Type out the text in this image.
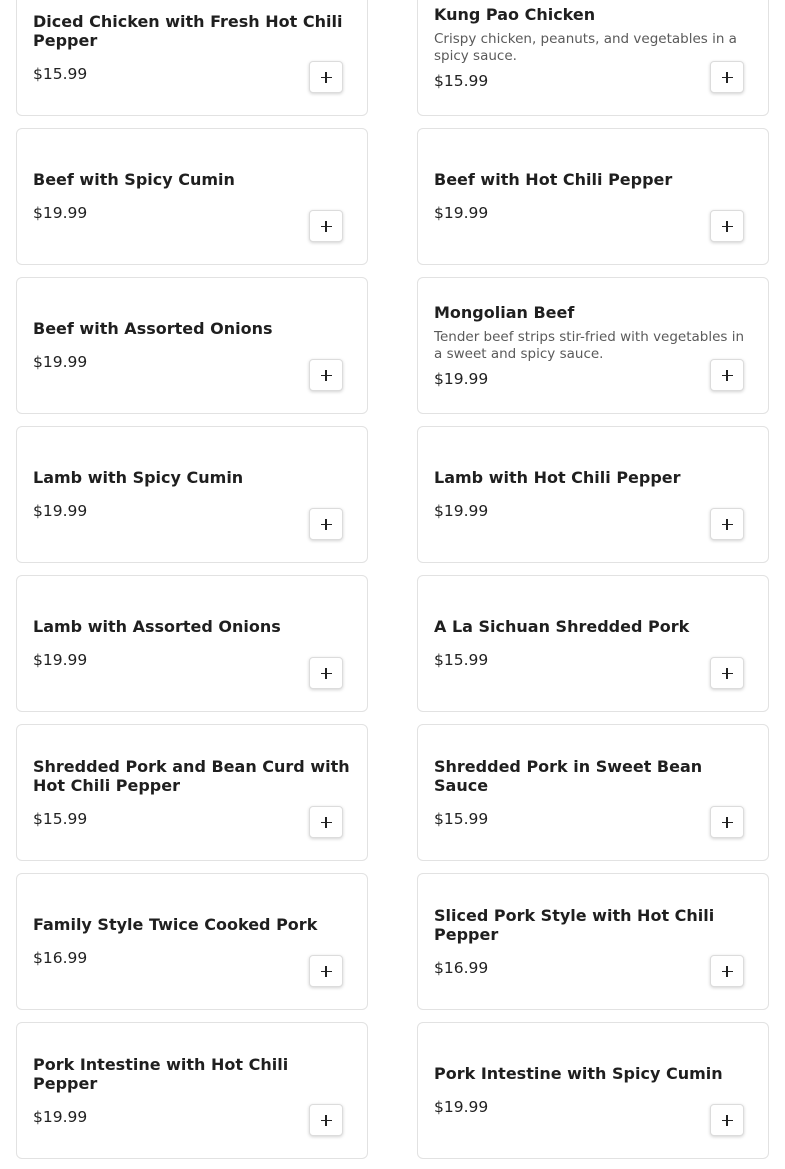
Diced Chicken with Fresh Hot Chili Pepper
$15.99
Kung Pao Chicken
Crispy chicken, peanuts, and vegetables in a spicy sauce.
$15.99
Beef with Spicy Cumin
$19.99
Beef with Hot Chili Pepper
$19.99
Beef with Assorted Onions
$19.99
Mongolian Beef
Tender beef strips stir-fried with vegetables in a sweet and spicy sauce.
$19.99
Lamb with Spicy Cumin
$19.99
Lamb with Hot Chili Pepper
$19.99
Lamb with Assorted Onions
$19.99
A La Sichuan Shredded Pork
$15.99
Shredded Pork and Bean Curd with Hot Chili Pepper
$15.99
Shredded Pork in Sweet Bean Sauce
$15.99
Family Style Twice Cooked Pork
$16.99
Sliced Pork Style with Hot Chili Pepper
$16.99
Pork Intestine with Hot Chili Pepper
$19.99
Pork Intestine with Spicy Cumin
$19.99
